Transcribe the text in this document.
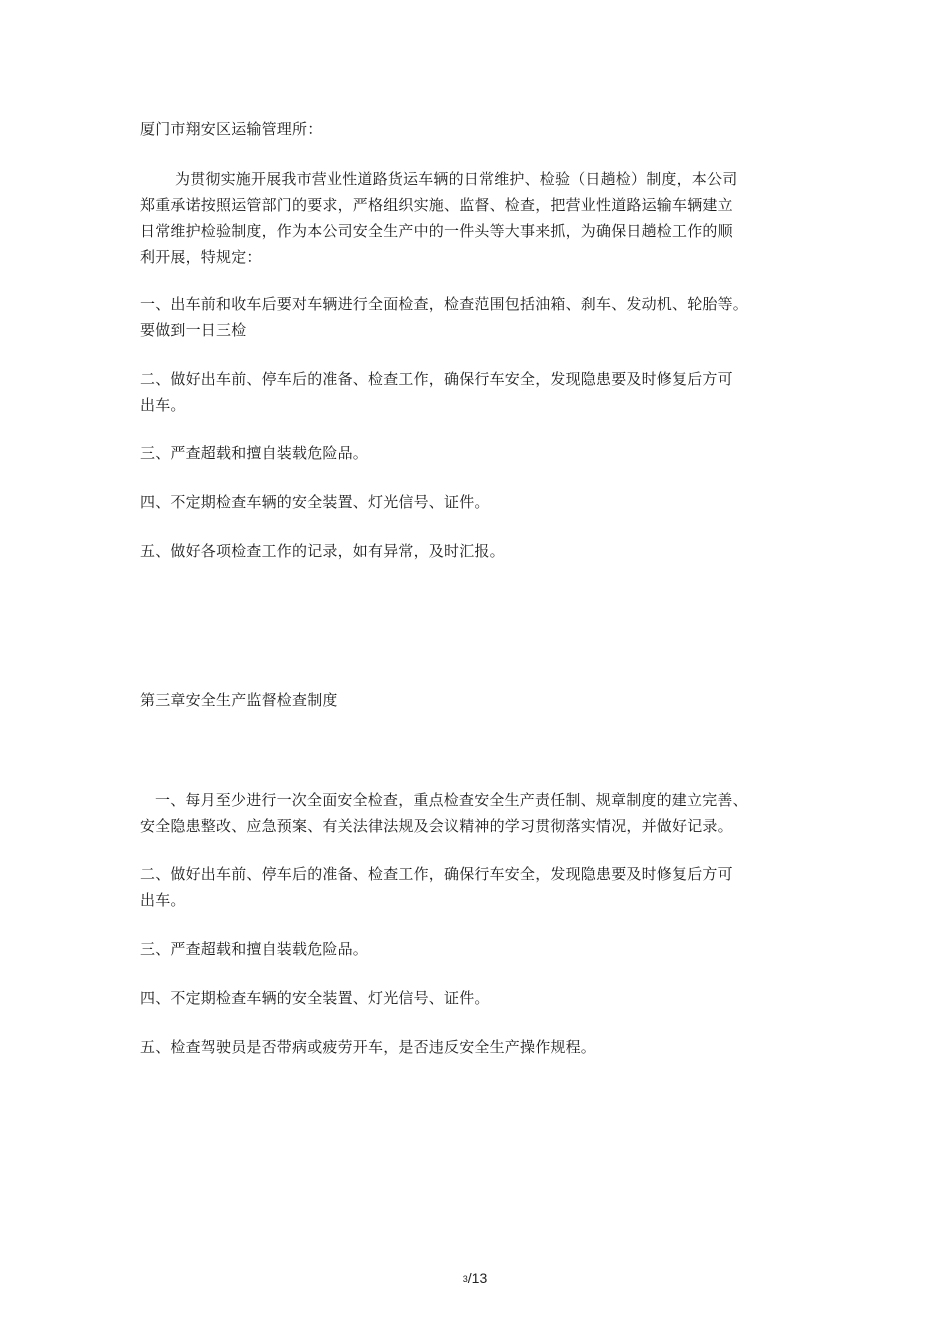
厦门市翔安区运输管理所：
为贯彻实施开展我市营业性道路货运车辆的日常维护、检验（日趟检）制度，本公司
郑重承诺按照运管部门的要求，严格组织实施、监督、检查，把营业性道路运输车辆建立
日常维护检验制度，作为本公司安全生产中的一件头等大事来抓，为确保日趟检工作的顺
利开展，特规定：
一、出车前和收车后要对车辆进行全面检查，检查范围包括油箱、刹车、发动机、轮胎等。
要做到一日三检
二、做好出车前、停车后的准备、检查工作，确保行车安全，发现隐患要及时修复后方可
出车。
三、严查超载和擅自装载危险品。
四、不定期检查车辆的安全装置、灯光信号、证件。
五、做好各项检查工作的记录，如有异常，及时汇报。
第三章安全生产监督检查制度
一、每月至少进行一次全面安全检查，重点检查安全生产责任制、规章制度的建立完善、
安全隐患整改、应急预案、有关法律法规及会议精神的学习贯彻落实情况，并做好记录。
二、做好出车前、停车后的准备、检查工作，确保行车安全，发现隐患要及时修复后方可
出车。
三、严查超载和擅自装载危险品。
四、不定期检查车辆的安全装置、灯光信号、证件。
五、检查驾驶员是否带病或疲劳开车，是否违反安全生产操作规程。
3/13
